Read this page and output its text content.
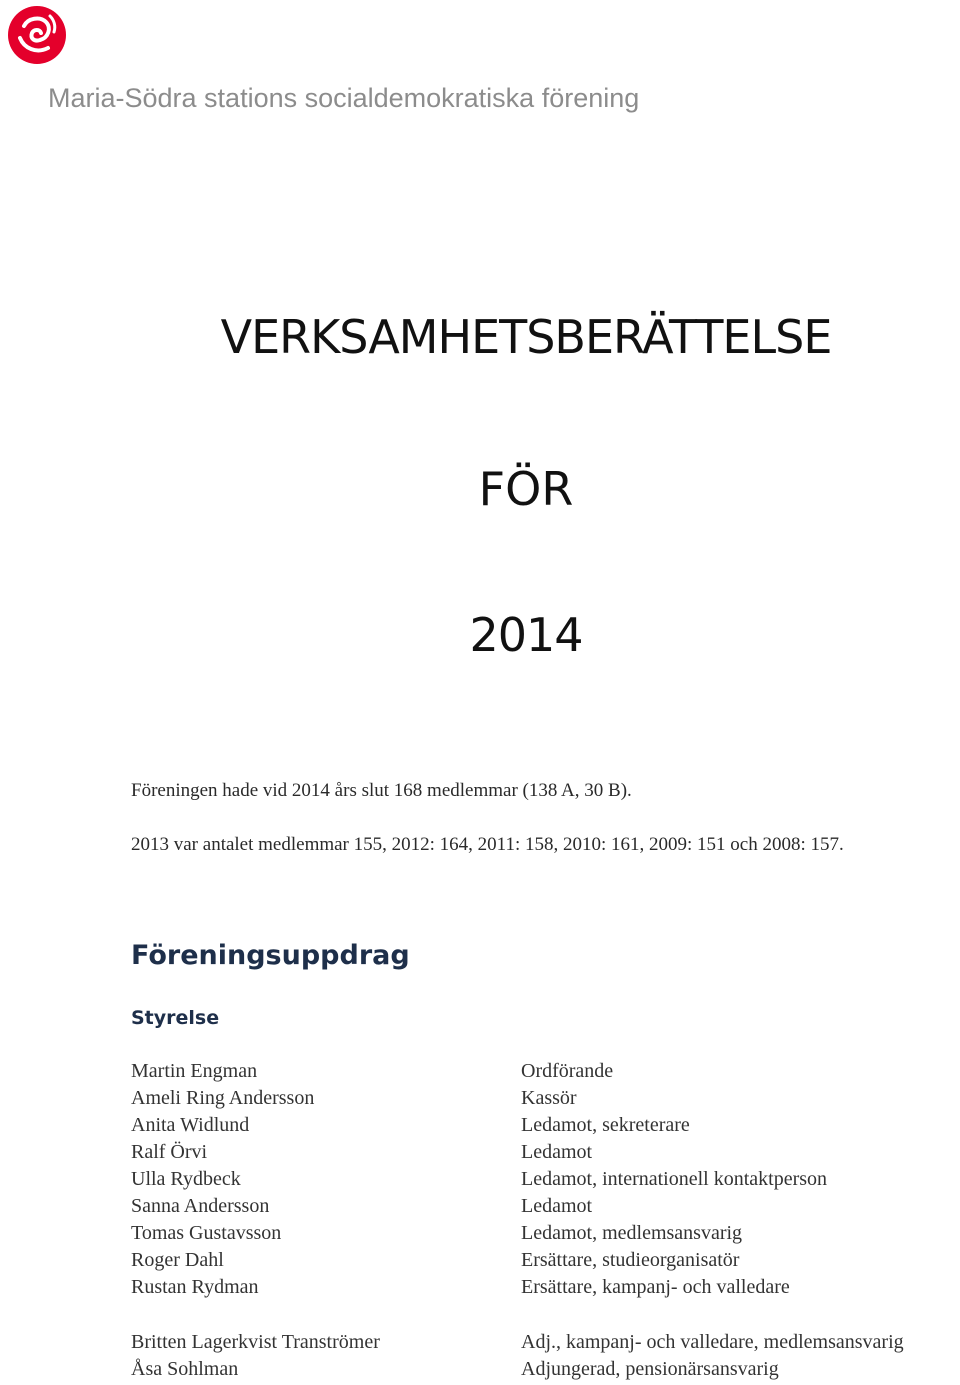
Maria-Södra stations socialdemokratiska förening
VERKSAMHETSBERÄTTELSE
FÖR
2014
Föreningen hade vid 2014 års slut 168 medlemmar (138 A, 30 B).
2013 var antalet medlemmar 155, 2012: 164, 2011: 158, 2010: 161, 2009: 151 och 2008: 157.
Föreningsuppdrag
Styrelse
Martin Engman	Ordförande
Ameli Ring Andersson	Kassör
Anita Widlund	Ledamot, sekreterare
Ralf Örvi	Ledamot
Ulla Rydbeck	Ledamot, internationell kontaktperson
Sanna Andersson	Ledamot
Tomas Gustavsson	Ledamot, medlemsansvarig
Roger Dahl	Ersättare, studieorganisatör
Rustan Rydman	Ersättare, kampanj- och valledare
Britten Lagerkvist Tranströmer	Adj., kampanj- och valledare, medlemsansvarig
Åsa Sohlman	Adjungerad, pensionärsansvarig
